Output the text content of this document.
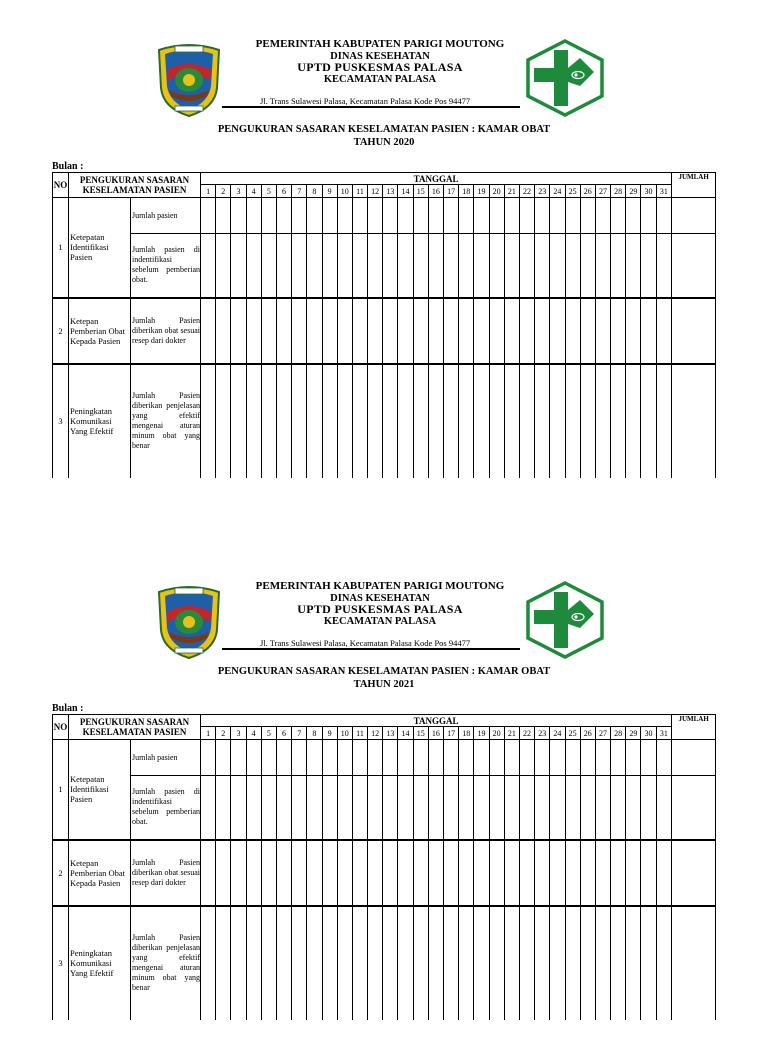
PEMERINTAH KABUPATEN PARIGI MOUTONG
DINAS KESEHATAN
UPTD PUSKESMAS PALASA
KECAMATAN PALASA
Jl. Trans Sulawesi Palasa, Kecamatan Palasa Kode Pos 94477
PENGUKURAN SASARAN KESELAMATAN PASIEN : KAMAR OBAT
TAHUN 2020
Bulan :
NO	PENGUKURAN SASARAN KESELAMATAN PASIEN		TANGGAL																															JUMLAH
			1	2	3	4	5	6	7	8	9	10	11	12	13	14	15	16	17	18	19	20	21	22	23	24	25	26	27	28	29	30	31	
1	Ketepatan Identifikasi Pasien	Jumlah pasien																																
		Jumlah pasien di indentifikasi sebelum pemberian obat.																																
2	Ketepan Pemberian Obat Kepada Pasien	Jumlah Pasien diberikan obat sesuai resep dari dokter																																
3	Peningkatan Komunikasi Yang Efektif	Jumlah Pasien diberikan penjelasan yang efektif mengenai aturan minum obat yang benar																																
PEMERINTAH KABUPATEN PARIGI MOUTONG
DINAS KESEHATAN
UPTD PUSKESMAS PALASA
KECAMATAN PALASA
Jl. Trans Sulawesi Palasa, Kecamatan Palasa Kode Pos 94477
PENGUKURAN SASARAN KESELAMATAN PASIEN : KAMAR OBAT
TAHUN 2021
Bulan :
NO	PENGUKURAN SASARAN KESELAMATAN PASIEN		TANGGAL																															JUMLAH
			1	2	3	4	5	6	7	8	9	10	11	12	13	14	15	16	17	18	19	20	21	22	23	24	25	26	27	28	29	30	31	
1	Ketepatan Identifikasi Pasien	Jumlah pasien																																
		Jumlah pasien di indentifikasi sebelum pemberian obat.																																
2	Ketepan Pemberian Obat Kepada Pasien	Jumlah Pasien diberikan obat sesuai resep dari dokter																																
3	Peningkatan Komunikasi Yang Efektif	Jumlah Pasien diberikan penjelasan yang efektif mengenai aturan minum obat yang benar																																
